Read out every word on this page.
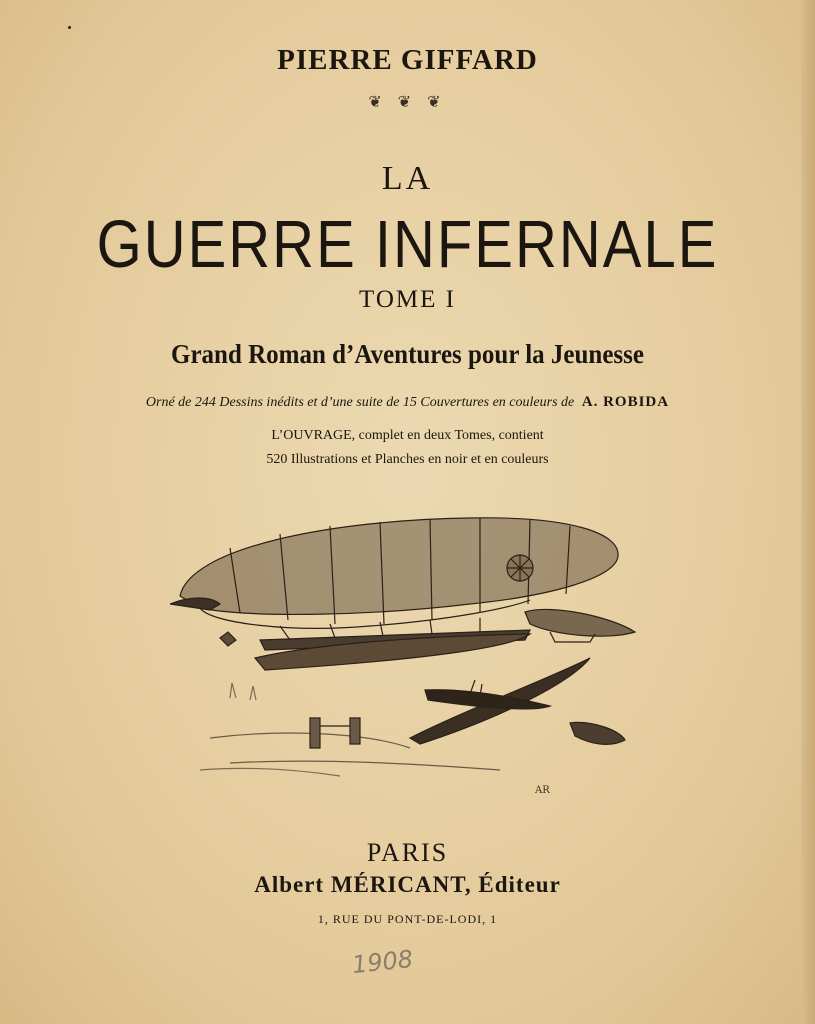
PIERRE GIFFARD
❦ ❦ ❦
LA
GUERRE INFERNALE
TOME I
Grand Roman d’Aventures pour la Jeunesse
Orné de 244 Dessins inédits et d’une suite de 15 Couvertures en couleurs de A. ROBIDA
L’OUVRAGE, complet en deux Tomes, contient
520 Illustrations et Planches en noir et en couleurs
AR
PARIS
Albert MÉRICANT, Éditeur
1, RUE DU PONT-DE-LODI, 1
1908
